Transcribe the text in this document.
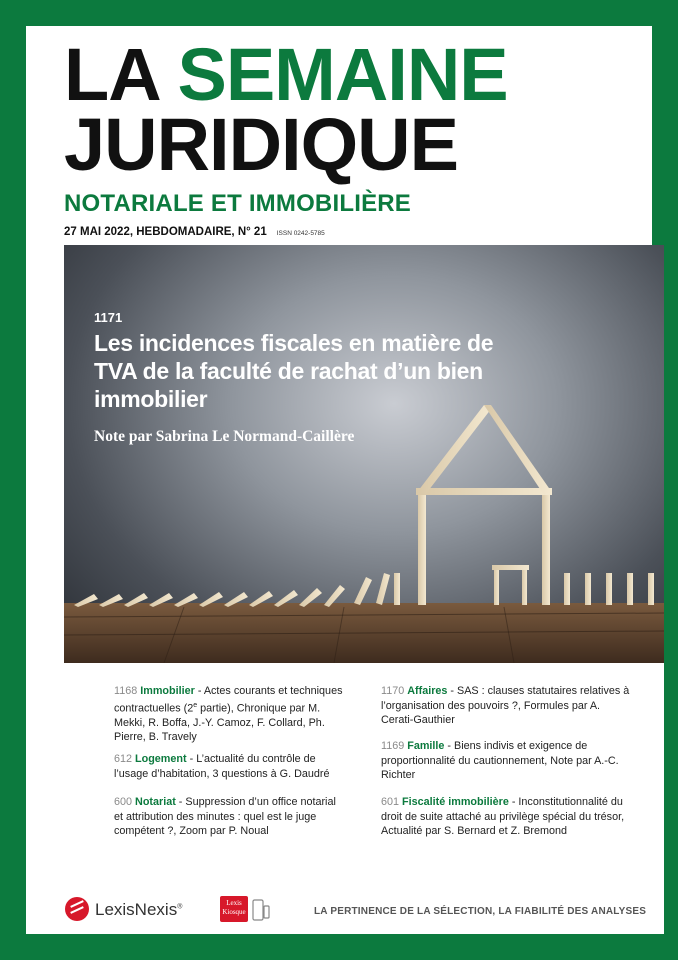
LA SEMAINE
JURIDIQUE
NOTARIALE ET IMMOBILIÈRE
27 MAI 2022, HEBDOMADAIRE, N° 21 ISSN 0242-5785
1171
Les incidences fiscales en matière de TVA de la faculté de rachat d’un bien immobilier
Note par Sabrina Le Normand-Caillère
1168 Immobilier - Actes courants et techniques contractuelles (2e partie), Chronique par M. Mekki, R. Boffa, J.-Y. Camoz, F. Collard, Ph. Pierre, B. Travely
612 Logement - L’actualité du contrôle de l’usage d’habitation, 3 questions à G. Daudré
600 Notariat - Suppression d’un office notarial et attribution des minutes : quel est le juge compétent ?, Zoom par P. Noual
1170 Affaires - SAS : clauses statutaires relatives à l’organisation des pouvoirs ?, Formules par A. Cerati-Gauthier
1169 Famille - Biens indivis et exigence de proportionnalité du cautionnement, Note par A.-C. Richter
601 Fiscalité immobilière - Inconstitutionnalité du droit de suite attaché au privilège spécial du trésor, Actualité par S. Bernard et Z. Bremond
LexisNexis®	Lexis
Kiosque	LA PERTINENCE DE LA SÉLECTION, LA FIABILITÉ DES ANALYSES
